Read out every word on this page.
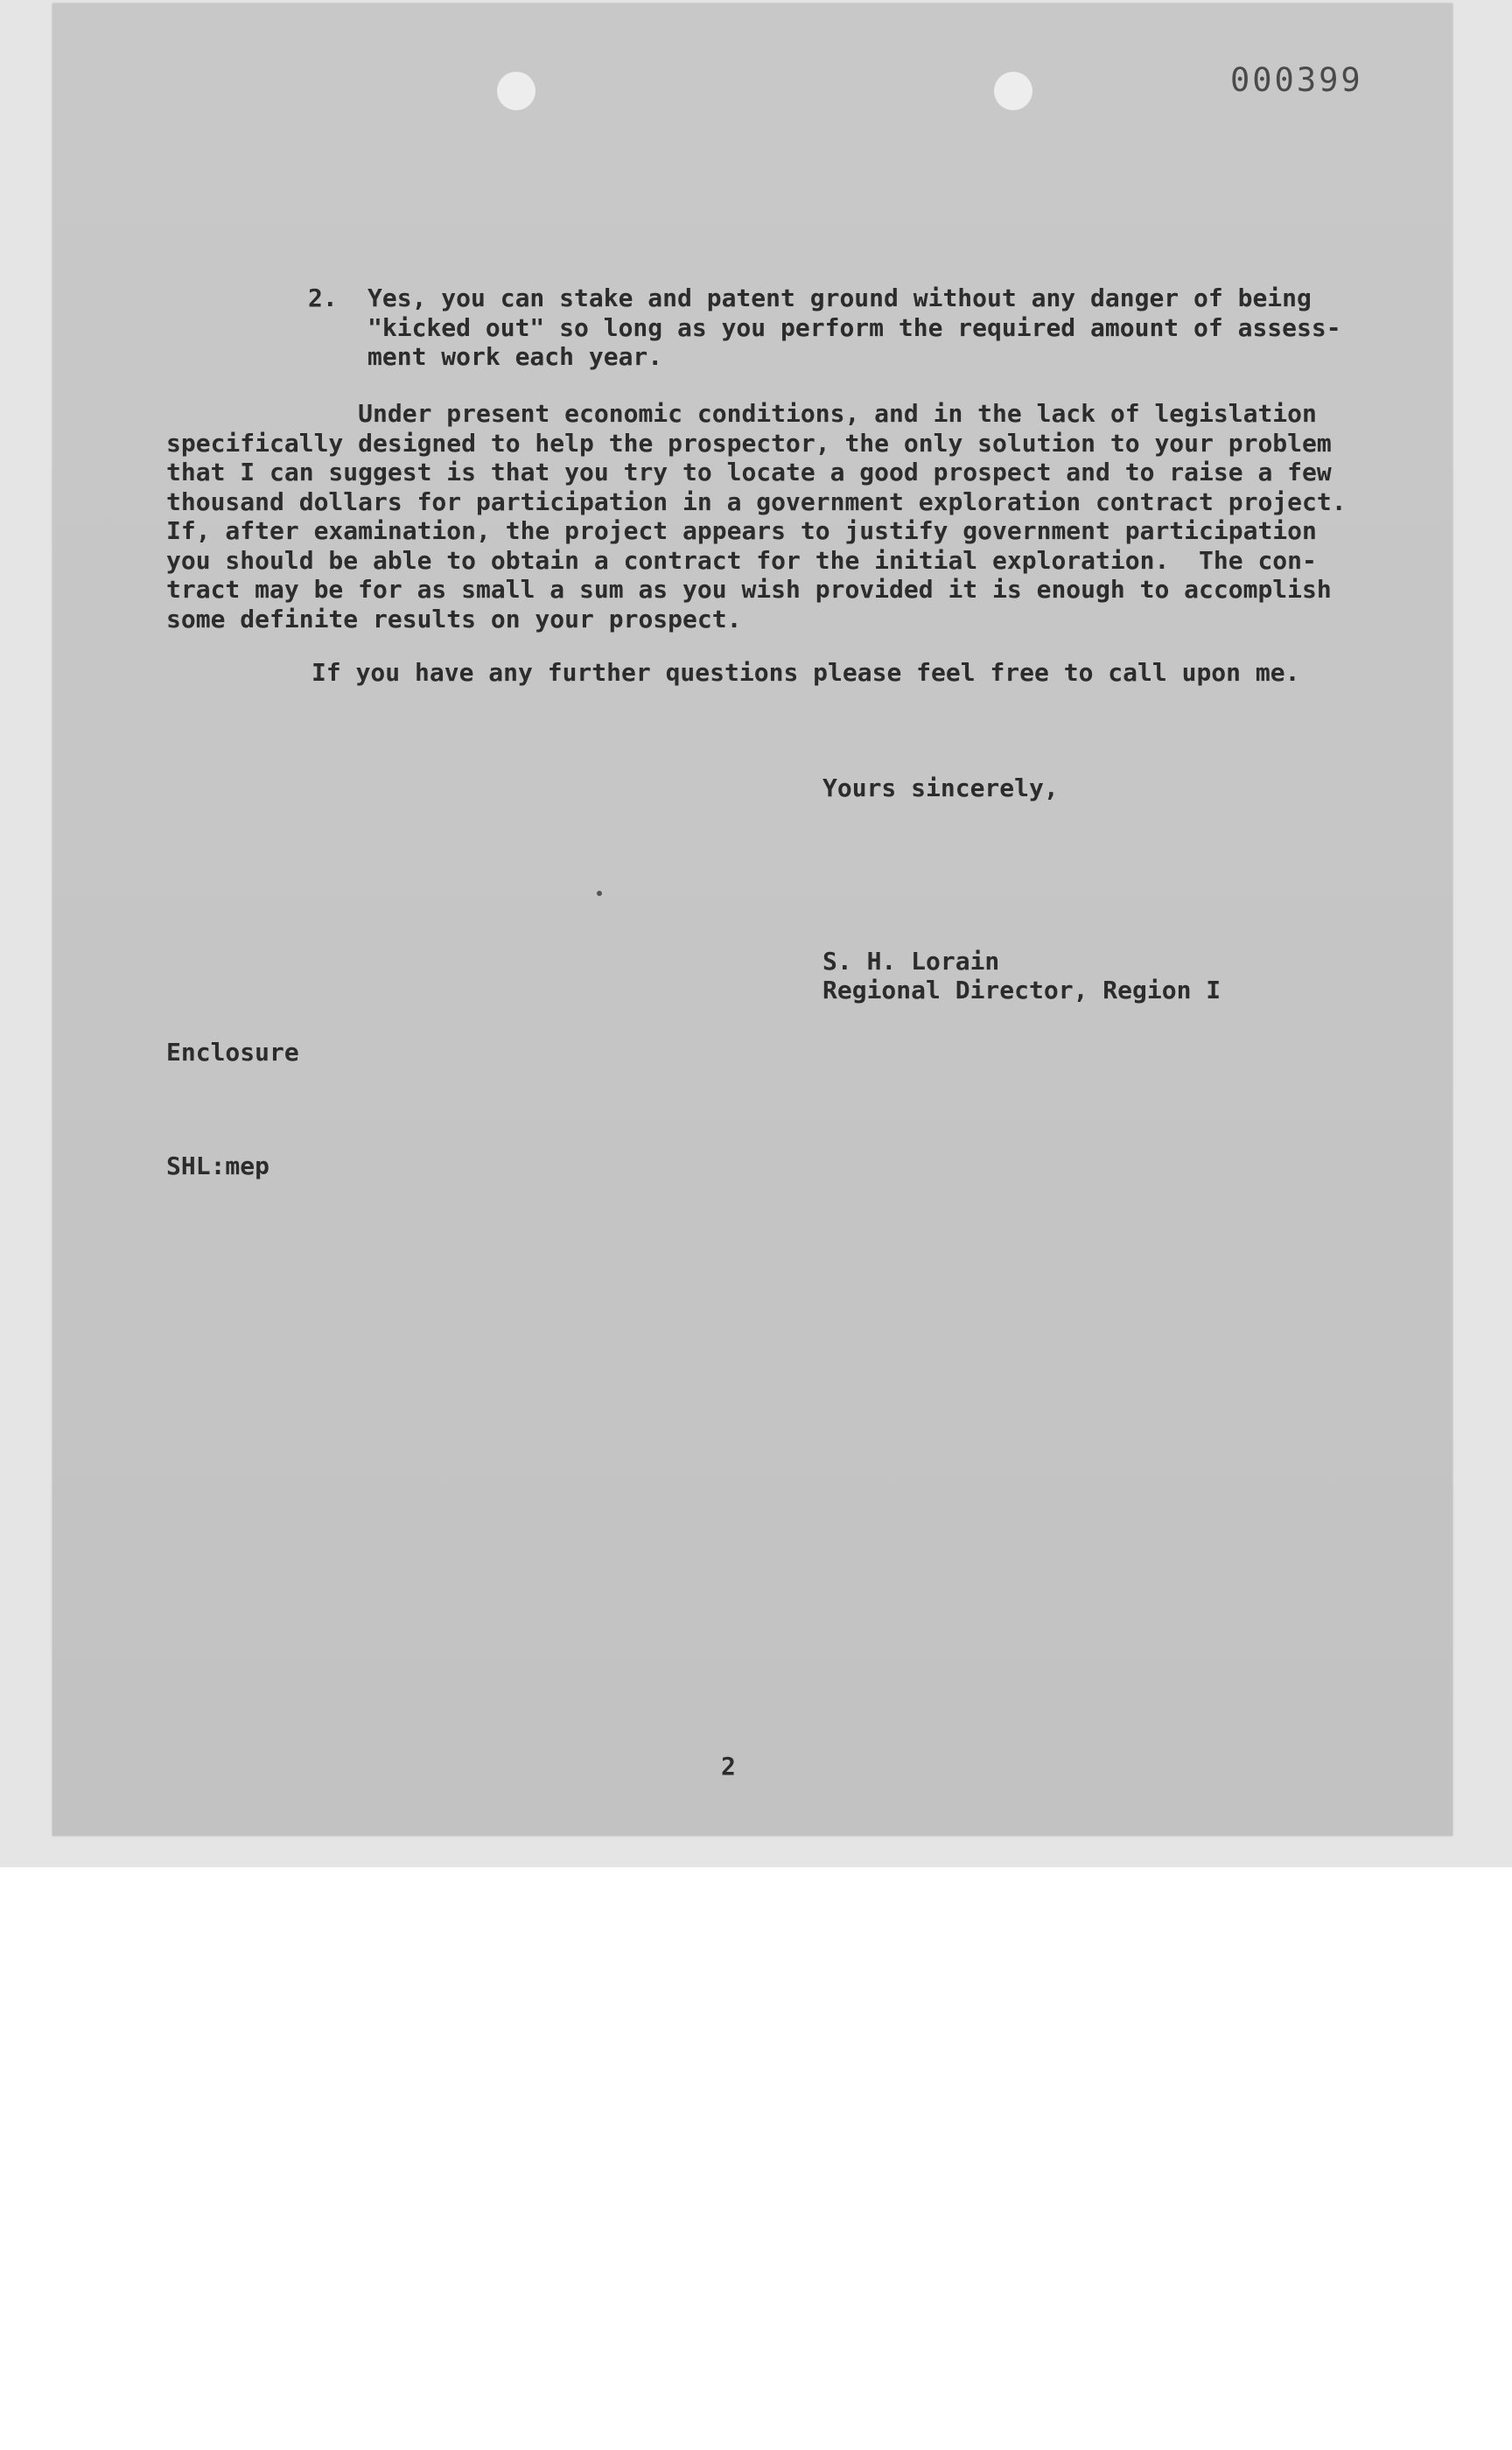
000399
2. Yes, you can stake and patent ground without any danger of being
"kicked out" so long as you perform the required amount of assess-
ment work each year.
Under present economic conditions, and in the lack of legislation
specifically designed to help the prospector, the only solution to your problem
that I can suggest is that you try to locate a good prospect and to raise a few
thousand dollars for participation in a government exploration contract project.
If, after examination, the project appears to justify government participation
you should be able to obtain a contract for the initial exploration.  The con-
tract may be for as small a sum as you wish provided it is enough to accomplish
some definite results on your prospect.
If you have any further questions please feel free to call upon me.
Yours sincerely,
S. H. Lorain
Regional Director, Region I
Enclosure
SHL:mep
2
